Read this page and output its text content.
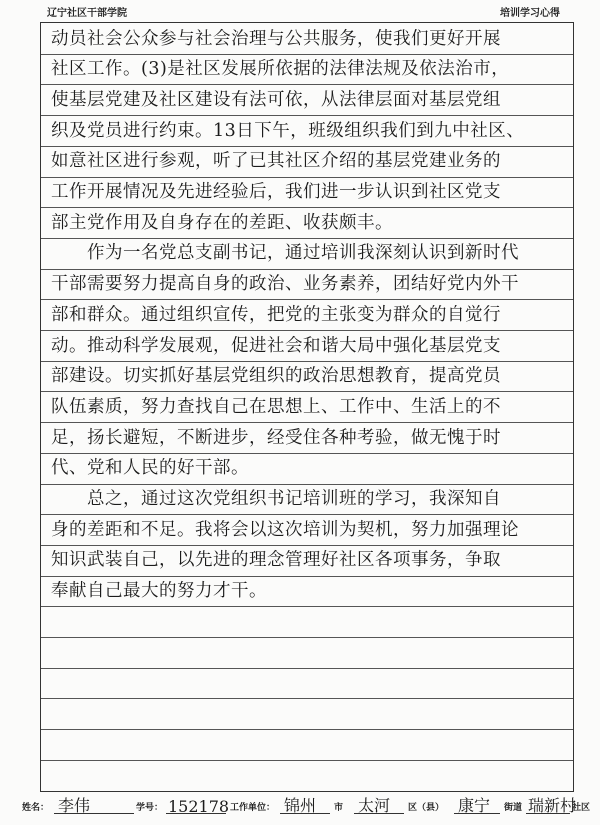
辽宁社区干部学院	培训学习心得
动员社会公众参与社会治理与公共服务，使我们更好开展
社区工作。(3)是社区发展所依据的法律法规及依法治市，
使基层党建及社区建设有法可依，从法律层面对基层党组
织及党员进行约束。13日下午，班级组织我们到九中社区、
如意社区进行参观，听了已其社区介绍的基层党建业务的
工作开展情况及先进经验后，我们进一步认识到社区党支
部主党作用及自身存在的差距、收获颇丰。
作为一名党总支副书记，通过培训我深刻认识到新时代
干部需要努力提高自身的政治、业务素养，团结好党内外干
部和群众。通过组织宣传，把党的主张变为群众的自觉行
动。推动科学发展观，促进社会和谐大局中强化基层党支
部建设。切实抓好基层党组织的政治思想教育，提高党员
队伍素质，努力查找自己在思想上、工作中、生活上的不
足，扬长避短，不断进步，经受住各种考验，做无愧于时
代、党和人民的好干部。
总之，通过这次党组织书记培训班的学习，我深知自
身的差距和不足。我将会以这次培训为契机，努力加强理论
知识武装自己，以先进的理念管理好社区各项事务，争取
奉献自己最大的努力才干。
姓名： 李伟	学号： 152178 工作单位： 锦州 市 太河 区（县） 康宁 街道 瑞新村
社区
